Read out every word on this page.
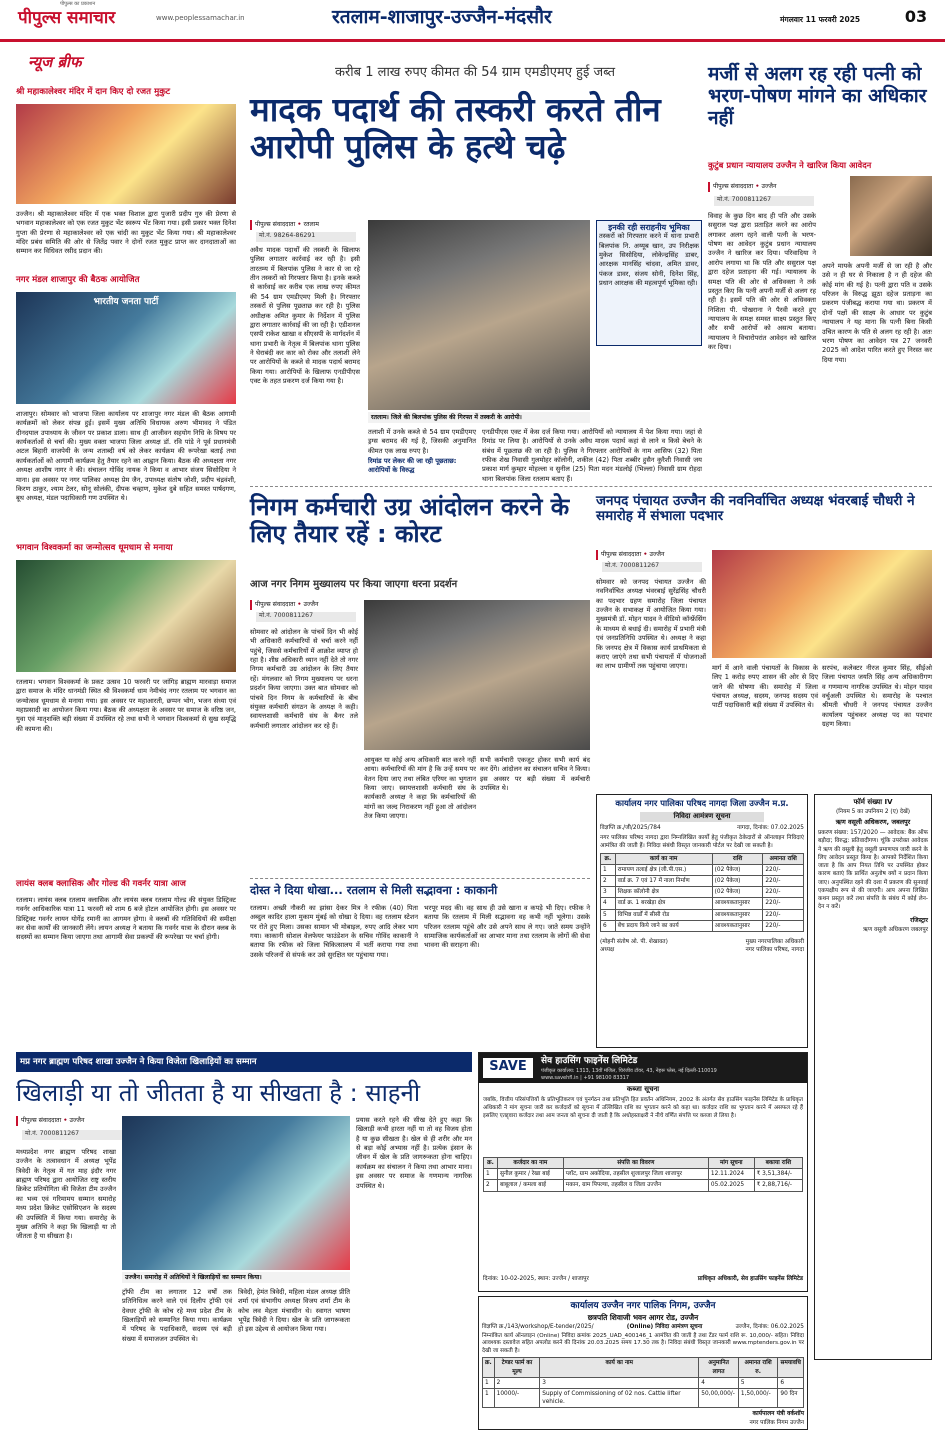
पीपुल्स समाचार
पीपुल्स का प्रकाशन
www.peoplessamachar.in	रतलाम-शाजापुर-उज्जैन-मंदसौर	मंगलवार 11 फरवरी 2025	03
न्यूज ब्रीफ
श्री महाकालेश्वर मंदिर में दान किए दो रजत मुकुट
उज्जैन। श्री महाकालेश्वर मंदिर में एक भक्त विशाल द्वारा पुजारी प्रदीप गुरु की प्रेरणा से भगवान महाकालेश्वर को एक रजत मुकुट भेंट स्वरूप भेंट किया गया। इसी प्रकार भक्त दिनेश गुप्ता की प्रेरणा से महाकालेश्वर को एक चांदी का मुकुट भेंट किया गया। श्री महाकालेश्वर मंदिर प्रबंध समिति की ओर से जितेंद्र पवार ने दोनों रजत मुकुट प्राप्त कर दानदाताओं का सम्मान कर विधिवत रसीद प्रदान की।
नगर मंडल शाजापुर की बैठक आयोजित
भारतीय जनता पार्टी
शाजापुर। सोमवार को भाजपा जिला कार्यालय पर शाजापुर नगर मंडल की बैठक आगामी कार्यक्रमों को लेकर संपन्न हुई। इसमें मुख्य अतिथि विधायक अरुण भीमावद ने पंडित दीनदयाल उपाध्याय के जीवन पर प्रकाश डाला। साथ ही आजीवन सहयोग निधि के विषय पर कार्यकर्ताओं से चर्चा की। मुख्य वक्ता भाजपा जिला अध्यक्ष डॉ. रवि पांडे ने पूर्व प्रधानमंत्री अटल बिहारी वाजपेयी के जन्म शताब्दी वर्ष को लेकर कार्यक्रम की रूपरेखा बताई तथा कार्यकर्ताओं को आगामी कार्यक्रम हेतु तैयार रहने का आह्वान किया। बैठक की अध्यक्षता नगर अध्यक्ष आशीष नागर ने की। संचालन गोविंद नायक ने किया व आभार संजय सिसोदिया ने माना। इस अवसर पर नगर पालिका अध्यक्ष प्रेम जैन, उपाध्यक्ष संतोष जोशी, प्रदीप चंद्रवंशी, किरण ठाकुर, श्याम टेलर, सोनू सोलंकी, दीपक चव्हाण, मुकेश दुबे सहित समस्त पार्षदगण, बूथ अध्यक्ष, मंडल पदाधिकारी गण उपस्थित थे।
भगवान विश्वकर्मा का जन्मोत्सव धूमधाम से मनाया
रतलाम। भगवान विश्वकर्मा के प्रकट उत्सव 10 फरवरी पर जांगिड़ ब्राह्मण मारवाड़ा समाज द्वारा समाज के मंदिर धानमंडी स्थित श्री विश्वकर्मा धाम नेमीचंद नगर रतलाम पर भगवान का जन्मोत्सव धूमधाम से मनाया गया। इस अवसर पर महाआरती, छप्पन भोग, भजन संध्या एवं महाप्रसादी का आयोजन किया गया। बैठक की अध्यक्षता के अवसर पर समाज के वरिष्ठ जन, युवा एवं मातृशक्ति बड़ी संख्या में उपस्थित रहे तथा सभी ने भगवान विश्वकर्मा से सुख समृद्धि की कामना की।
लायंस क्लब क्लासिक और गोल्ड की गवर्नर यात्रा आज
रतलाम। लायंस क्लब रतलाम क्लासिक और लायंस क्लब रतलाम गोल्ड की संयुक्त डिस्ट्रिक्ट गवर्नर आधिकारिक यात्रा 11 फरवरी को शाम 6 बजे होटल आयोजित होगी। इस अवसर पर डिस्ट्रिक्ट गवर्नर लायन योगेंद्र रमानी का आगमन होगा। वे क्लबों की गतिविधियों की समीक्षा कर सेवा कार्यों की जानकारी लेंगे। लायन अध्यक्ष ने बताया कि गवर्नर यात्रा के दौरान क्लब के सदस्यों का सम्मान किया जाएगा तथा आगामी सेवा प्रकल्पों की रूपरेखा पर चर्चा होगी।
करीब 1 लाख रुपए कीमत की 54 ग्राम एमडीएमए हुई जब्त
मादक पदार्थ की तस्करी करते तीन आरोपी पुलिस के हत्थे चढ़े
पीपुल्स संवाददाता • रतलाम
मो.नं. 98264-86291
अवैध मादक पदार्थों की तस्करी के खिलाफ पुलिस लगातार कार्रवाई कर रही है। इसी तारतम्य में बिलपांक पुलिस ने कार से जा रहे तीन तस्करों को गिरफ्तार किया है। इनके कब्जे से कार्रवाई कर करीब एक लाख रुपए कीमत की 54 ग्राम एमडीएमए मिली है। गिरफ्तार तस्करों से पुलिस पूछताछ कर रही है। पुलिस अधीक्षक अमित कुमार के निर्देशन में पुलिस द्वारा लगातार कार्रवाई की जा रही है। एडीशनल एसपी राकेश खाखा व सीएसपी के मार्गदर्शन में थाना प्रभारी के नेतृत्व में बिलपांक थाना पुलिस ने घेराबंदी कर कार को रोका और तलाशी लेने पर आरोपियों के कब्जे से मादक पदार्थ बरामद किया गया। आरोपियों के खिलाफ एनडीपीएस एक्ट के तहत प्रकरण दर्ज किया गया है।
रतलाम। जिले की बिलपांक पुलिस की गिरफ्त में तस्करी के आरोपी।
तलाशी में उनके कब्जे से 54 ग्राम एमडीएमए ड्रग्स बरामद की गई है, जिसकी अनुमानित कीमत एक लाख रुपए है।
रिमांड पर लेकर की जा रही पूछताछ: आरोपियों के विरुद्ध
एनडीपीएस एक्ट में केस दर्ज किया गया। आरोपियों को न्यायालय में पेश किया गया। जहां से रिमांड पर लिया है। आरोपियों से उनके अवैध मादक पदार्थ कहां से लाने व किसे बेचने के संबंध में पूछताछ की जा रही है। पुलिस ने गिरफ्तार आरोपियों के नाम आसिफ (32) पिता रफीक शेख निवासी गुलमोहर कॉलोनी, शकील (42) पिता शब्बीर हुसैन कुरैशी निवासी जय प्रकाश मार्ग कुम्हार मोहल्ला व सुनील (25) पिता मदन मंडलोई (भिल्ला) निवासी ग्राम रोहदा थाना बिलपांक जिला रतलाम बताए हैं।
इनकी रही सराहनीय भूमिका
तस्करों को गिरफ्तार करने में थाना प्रभारी बिलपांक नि. अय्यूब खान, उप निरीक्षक मुकेश सिसोदिया, लोकेन्द्रसिंह डाबर, आरक्षक मानसिंह चांदवा, अमित डावर, पंकज डावर, संजय सोनी, दिनेश सिंह, प्रधान आरक्षक की महत्वपूर्ण भूमिका रही।
मर्जी से अलग रह रही पत्नी को भरण-पोषण मांगने का अधिकार नहीं
कुटुंब प्रधान न्यायालय उज्जैन ने खारिज किया आवेदन
पीपुल्स संवाददाता • उज्जैन
मो.नं. 7000811267
विवाह के कुछ दिन बाद ही पति और उसके ससुराल पक्ष द्वारा प्रताड़ित करने का आरोप लगाकर अलग रहने वाली पत्नी के भरण-पोषण का आवेदन कुटुंब प्रधान न्यायालय उज्जैन ने खारिज कर दिया। परिवादिया ने आरोप लगाया था कि पति और ससुराल पक्ष द्वारा दहेज प्रताड़ना की गई। न्यायालय के समक्ष पति की ओर से अधिवक्ता ने तर्क प्रस्तुत किए कि पत्नी अपनी मर्जी से अलग रह रही है। इसमें पति की ओर से अधिवक्ता निशिता पी. पोखराना ने पैरवी करते हुए न्यायालय के समक्ष समस्त साक्ष्य प्रस्तुत किए और सभी आरोपों को असत्य बताया। न्यायालय ने विचारोपरांत आवेदन को खारिज कर दिया।
अपने मायके अपनी मर्जी से जा रही है और उसे न ही घर से निकाला है न ही दहेज की कोई मांग की गई है। पत्नी द्वारा पति व उसके परिजन के विरुद्ध झूठा दहेज प्रताड़ना का प्रकरण पंजीबद्ध कराया गया था। प्रकरण में दोनों पक्षों की साक्ष्य के आधार पर कुटुंब न्यायालय ने यह माना कि पत्नी बिना किसी उचित कारण के पति से अलग रह रही है। अतः भरण पोषण का आवेदन पत्र 27 जनवरी 2025 को आदेश पारित करते हुए निरस्त कर दिया गया।
निगम कर्मचारी उग्र आंदोलन करने के लिए तैयार रहें : कोरट
आज नगर निगम मुख्यालय पर किया जाएगा धरना प्रदर्शन
पीपुल्स संवाददाता • उज्जैन
मो.नं. 7000811267
सोमवार को आंदोलन के पांचवें दिन भी कोई भी अधिकारी कर्मचारियों से चर्चा करने नहीं पहुंचे, जिससे कर्मचारियों में आक्रोश व्याप्त हो रहा है। शीघ्र अधिकारी ध्यान नहीं देते तो नगर निगम कर्मचारी उग्र आंदोलन के लिए तैयार रहें। मंगलवार को निगम मुख्यालय पर धरना प्रदर्शन किया जाएगा। उक्त बात सोमवार को पांचवे दिन निगम के कर्मचारियों के बीच संयुक्त कर्मचारी संगठन के अध्यक्ष ने कही। स्वायत्तशासी कर्मचारी संघ के बैनर तले कर्मचारी लगातार आंदोलन कर रहे हैं।
आयुक्त या कोई अन्य अधिकारी बात करने नहीं आया। कर्मचारियों की मांग है कि उन्हें समय पर वेतन दिया जाए तथा लंबित एरियर का भुगतान किया जाए। स्वायत्तशासी कर्मचारी संघ के कार्यकारी अध्यक्ष ने कहा कि कर्मचारियों की मांगों का जल्द निराकरण नहीं हुआ तो आंदोलन तेज किया जाएगा।
सभी कर्मचारी एकजुट होकर सभी कार्य बंद कर देंगे। आंदोलन का संचालन सचिव ने किया। इस अवसर पर बड़ी संख्या में कर्मचारी उपस्थित थे।
जनपद पंचायत उज्जैन की नवनिर्वाचित अध्यक्ष भंवरबाई चौधरी ने समारोह में संभाला पदभार
पीपुल्स संवाददाता • उज्जैन
मो.नं. 7000811267
सोमवार को जनपद पंचायत उज्जैन की नवनिर्वाचित अध्यक्ष भंवरबाई सुरेंद्रसिंह चौधरी का पदभार ग्रहण समारोह जिला पंचायत उज्जैन के सभाकक्ष में आयोजित किया गया। मुख्यमंत्री डॉ. मोहन यादव ने वीडियो कॉन्फ्रेंसिंग के माध्यम से बधाई दी। समारोह में प्रभारी मंत्री एवं जनप्रतिनिधि उपस्थित थे। अध्यक्ष ने कहा कि जनपद क्षेत्र में विकास कार्य प्राथमिकता से कराए जाएंगे तथा सभी पंचायतों में योजनाओं का लाभ ग्रामीणों तक पहुंचाया जाएगा।	मार्ग में आने वाली पंचायतों के विकास के लिए 1 करोड़ रुपए शासन की ओर से दिए जाने की घोषणा की। समारोह में जिला पंचायत अध्यक्ष, सदस्य, जनपद सदस्य एवं पार्टी पदाधिकारी बड़ी संख्या में उपस्थित थे।
सरपंच, कलेक्टर नीरज कुमार सिंह, सीईओ जिला पंचायत जयति सिंह अन्य अधिकारीगण व गणमान्य नागरिक उपस्थित थे। मोहन यादव वर्चुअली उपस्थित थे। समारोह के पश्चात श्रीमती चौधरी ने जनपद पंचायत उज्जैन कार्यालय पहुंचकर अध्यक्ष पद का पदभार ग्रहण किया।
दोस्त ने दिया धोखा... रतलाम से मिली सद्भावना : काकानी
रतलाम। अच्छी नौकरी का झांसा देकर मित्र ने रफीक (40) पिता अब्दुल कादिर हाला मुकाम मुंबई को धोखा दे दिया। वह रतलाम स्टेशन पर रोते हुए मिला। उसका सामान भी मोबाइल, रुपए आदि लेकर भाग गया। काकानी सोशल वेलफेयर फाउंडेशन के सचिव गोविंद काकानी ने बताया कि रफीक को जिला चिकित्सालय में भर्ती कराया गया तथा उसके परिजनों से संपर्क कर उसे सुरक्षित घर पहुंचाया गया।
भरपूर मदद की। वह साथ ही उसे खाना व कपड़े भी दिए। रफीक ने बताया कि रतलाम में मिली सद्भावना वह कभी नहीं भूलेगा। उसके परिजन रतलाम पहुंचे और उसे अपने साथ ले गए। जाते समय उन्होंने सामाजिक कार्यकर्ताओं का आभार माना तथा रतलाम के लोगों की सेवा भावना की सराहना की।
कार्यालय नगर पालिका परिषद नागदा जिला उज्जैन म.प्र.
निविदा आमंत्रण सूचना
विज्ञप्ति क्र./जी/2025/784	नागदा, दिनांक: 07.02.2025
नगर पालिका परिषद नागदा द्वारा निम्नलिखित कार्यों हेतु पंजीकृत ठेकेदारों से ऑनलाइन निविदाएं आमंत्रित की जाती हैं। निविदा संबंधी विस्तृत जानकारी पोर्टल पर देखी जा सकती है।
क्र.	कार्य का नाम	राशि	अमानत राशि
1	रामायण तलाई क्षेत्र (जी.पी.एस.)	(02 पैकेज)	220/-
2	वार्ड क्र. 7 एवं 17 में नाला निर्माण	(02 पैकेज)	220/-
3	शिक्षक कॉलोनी क्षेत्र	(02 पैकेज)	220/-
4	वार्ड क्र. 1 बरखेड़ा क्षेत्र	आवश्यकतानुसार	220/-
5	विभिन्न वार्डों में सीसी रोड	आवश्यकतानुसार	220/-
6	बेंच प्रदाय किये जाने का कार्य	आवश्यकतानुसार	220/-
(मोहनी संतोष ओ. पी. शेखावत)
अध्यक्ष
मुख्य नगरपालिका अधिकारी
नगर पालिका परिषद, नागदा
फॉर्म संख्या IV
(नियम 5 का उपनियम 2 (ए) देखें)
ऋण वसूली अधिकरण, जबलपुर
प्रकरण संख्या: 157/2020 — आवेदक: बैंक ऑफ बड़ौदा; विरुद्ध: प्रतिवादीगण। चूंकि उपरोक्त आवेदक ने ऋण की वसूली हेतु वसूली प्रमाणपत्र जारी करने के लिए आवेदन प्रस्तुत किया है। आपको निर्देशित किया जाता है कि आप नियत तिथि पर उपस्थित होकर कारण बताएं कि प्रार्थित अनुतोष क्यों न प्रदान किया जाए। अनुपस्थित रहने की दशा में प्रकरण की सुनवाई एकपक्षीय रूप से की जाएगी। आप अपना लिखित कथन प्रस्तुत करें तथा संपत्ति के संबंध में कोई लेन-देन न करें।
रजिस्ट्रार
ऋण वसूली अधिकरण जबलपुर
मप्र नगर ब्राह्मण परिषद शाखा उज्जैन ने किया विजेता खिलाड़ियों का सम्मान
खिलाड़ी या तो जीतता है या सीखता है : साहनी
पीपुल्स संवाददाता • उज्जैन
मो.नं. 7000811267
मध्यप्रदेश नगर ब्राह्मण परिषद शाखा उज्जैन के तत्वावधान में अध्यक्ष भूपेंद्र त्रिवेदी के नेतृत्व में गत माह इंदौर नगर ब्राह्मण परिषद द्वारा आयोजित राष्ट्र स्तरीय क्रिकेट प्रतियोगिता की विजेता टीम उज्जैन का भव्य एवं गरिमामय सम्मान समारोह मध्य प्रदेश क्रिकेट एसोसिएशन के सदस्य की उपस्थिति में किया गया। समारोह के मुख्य अतिथि ने कहा कि खिलाड़ी या तो जीतता है या सीखता है।
उज्जैन। समारोह में अतिथियों ने खिलाड़ियों का सम्मान किया।
ट्रॉफी टीम का लगातार 12 वर्षों तक प्रतिनिधित्व करने वाले एवं दिलीप ट्रॉफी एवं देवधर ट्रॉफी के कोच रहे मध्य प्रदेश टीम के खिलाड़ियों को सम्मानित किया गया। कार्यक्रम में परिषद के पदाधिकारी, सदस्य एवं बड़ी संख्या में समाजजन उपस्थित थे।
त्रिवेदी, हेमंत त्रिवेदी, महिला मंडल अध्यक्ष प्रीति शर्मा एवं संभागीय अध्यक्ष विजय शर्मा टीम के कोच लव मेहता मंचासीन थे। स्वागत भाषण भूपेंद्र त्रिवेदी ने दिया। खेल के प्रति जागरूकता हो इस उद्देश्य से आयोजन किया गया।
प्रयास करते रहने की सीख देते हुए कहा कि खिलाड़ी कभी हारता नहीं या तो वह विजय होता है या कुछ सीखता है। खेल से ही शरीर और मन से बड़ा कोई अभ्यास नहीं है। प्रत्येक इंसान के जीवन में खेल के प्रति जागरूकता होना चाहिए। कार्यक्रम का संचालन ने किया तथा आभार माना। इस अवसर पर समाज के गणमान्य नागरिक उपस्थित थे।
SAVE	सेव हाउसिंग फाइनेंस लिमिटेड
पंजीकृत कार्यालय: 1313, 13वीं मंजिल, चिरंजीव टॉवर, 43, नेहरू प्लेस, नई दिल्ली-110019
www.savehfl.in | +91 98100 83317
कब्जा सूचना
जबकि, वित्तीय परिसंपत्तियों के प्रतिभूतिकरण एवं पुनर्गठन तथा प्रतिभूति हित प्रवर्तन अधिनियम, 2002 के अंतर्गत सेव हाउसिंग फाइनेंस लिमिटेड के प्राधिकृत अधिकारी ने मांग सूचना जारी कर कर्जदारों को सूचना में उल्लिखित राशि का भुगतान करने को कहा था। कर्जदार राशि का भुगतान करने में असफल रहे हैं इसलिए एतद्द्वारा कर्जदार तथा आम जनता को सूचना दी जाती है कि अधोहस्ताक्षरी ने नीचे वर्णित संपत्ति पर कब्जा ले लिया है।
क्र.	कर्जदार का नाम	संपत्ति का विवरण	मांग सूचना	बकाया राशि
1	सुनील कुमार / रेखा बाई	प्लॉट, ग्राम अकोदिया, तहसील शुजालपुर जिला शाजापुर	12.11.2024	₹ 3,51,384/-
2	बाबूलाल / कमला बाई	मकान, ग्राम पिपल्या, तहसील व जिला उज्जैन	05.02.2025	₹ 2,88,716/-
दिनांक: 10-02-2025, स्थान: उज्जैन / शाजापुर	प्राधिकृत अधिकारी, सेव हाउसिंग फाइनेंस लिमिटेड
कार्यालय उज्जैन नगर पालिक निगम, उज्जैन
छत्रपति शिवाजी भवन आगर रोड, उज्जैन
विज्ञप्ति क्र./143/workshop/E-tender/2025/	(Online) निविदा आमंत्रण सूचना	उज्जैन, दिनांक: 06.02.2025
निम्नांकित कार्य ऑनलाइन (Online) निविदा क्रमांक 2025_UAD_400146_1 आमंत्रित की जाती है तथा टेंडर फार्म राशि रू. 10,000/- सहित। निविदा आवश्यक दस्तावेज सहित अपलोड करने की दिनांक 20.03.2025 समय 17.30 तक है। निविदा संबंधी विस्तृत जानकारी www.mptenders.gov.in पर देखी जा सकती है।
क्र.	टेण्डर फार्म का मूल्य	कार्य का नाम	अनुमानित लागत	अमानत राशि रु.	समयावधि
1	2	3	4	5	6
1	10000/-	Supply of Commissioning of 02 nos. Cattle lifter vehicle.	50,00,000/-	1,50,000/-	90 दिन
कार्यपालन यंत्री वर्कशॉप
नगर पालिक निगम उज्जैन
